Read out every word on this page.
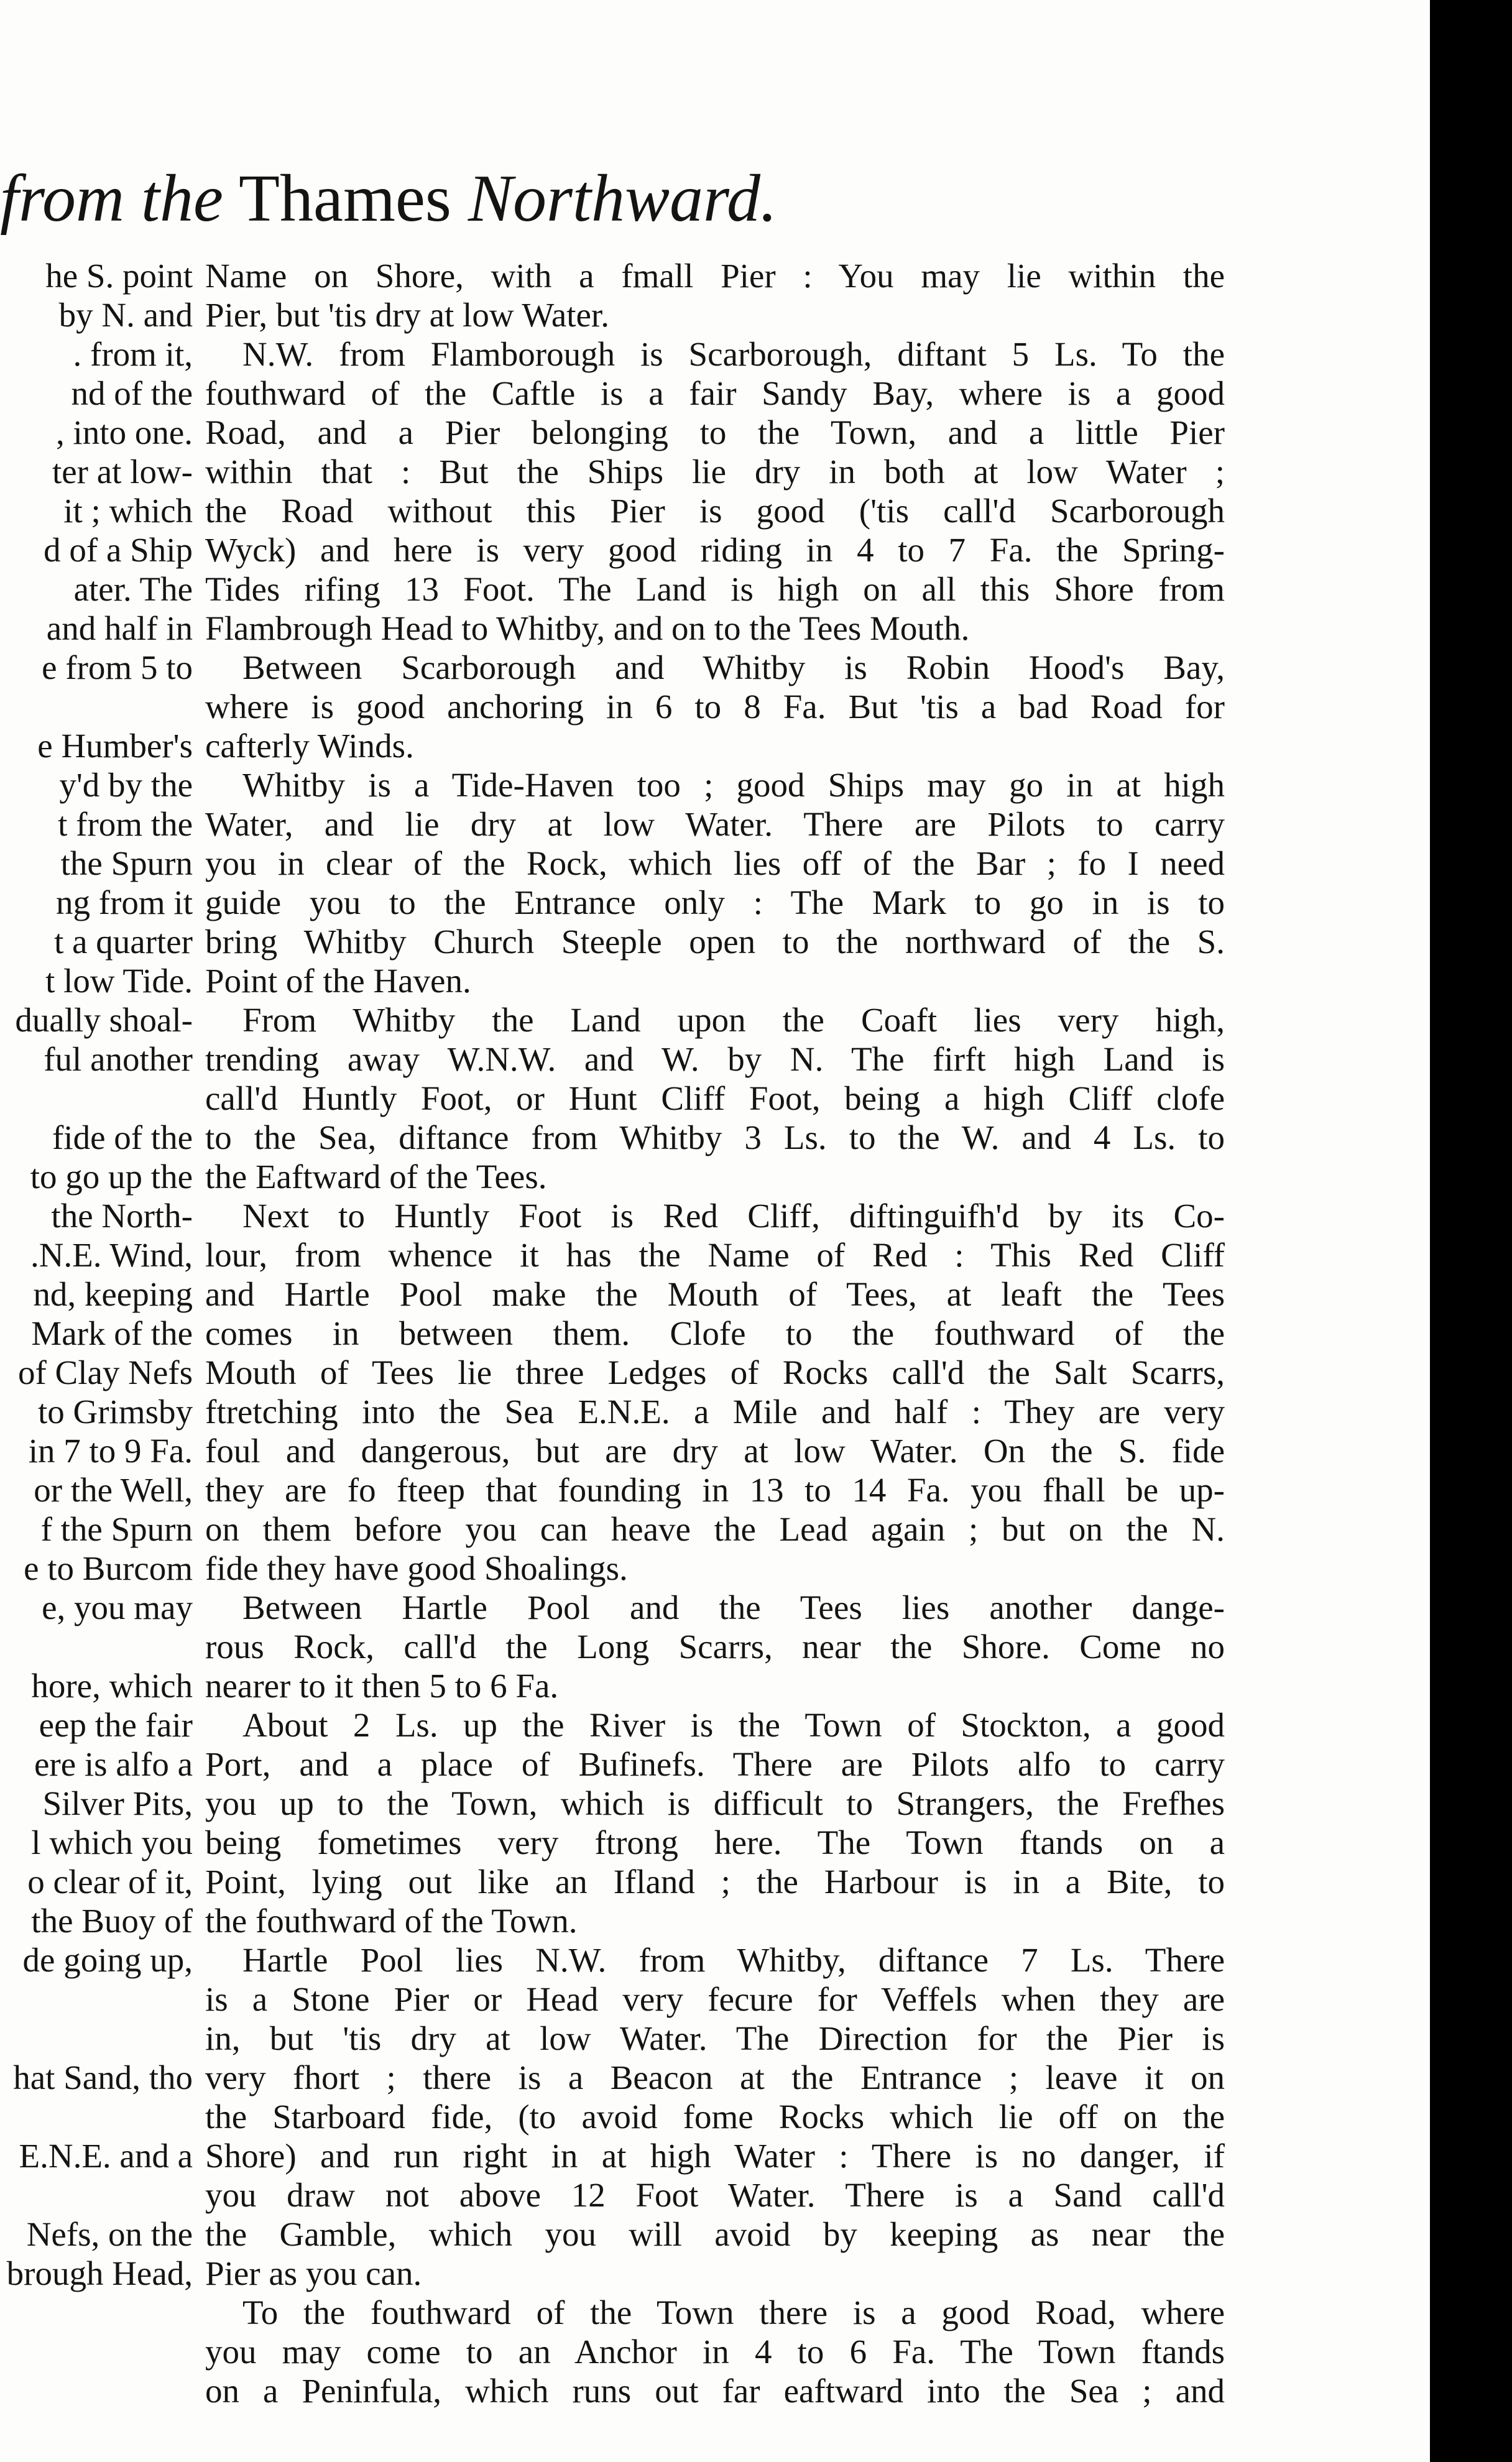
from the Thames Northward.
he S. point
by N. and
. from it,
nd of the
, into one.
ter at low-
it ; which
d of a Ship
ater. The
and half in
e from 5 to
e Humber's
y'd by the
t from the
the Spurn
ng from it
t a quarter
t low Tide.
dually shoal-
ful another
fide of the
to go up the
the North-
.N.E. Wind,
nd, keeping
Mark of the
of Clay Nefs
to Grimsby
in 7 to 9 Fa.
or the Well,
f the Spurn
e to Burcom
e, you may
hore, which
eep the fair
ere is alfo a
Silver Pits,
l which you
o clear of it,
the Buoy of
de going up,
hat Sand, tho
E.N.E. and a
Nefs, on the
brough Head,
Name on Shore, with a fmall Pier : You may lie within the
Pier, but 'tis dry at low Water.
N.W. from Flamborough is Scarborough, diftant 5 Ls. To the
fouthward of the Caftle is a fair Sandy Bay, where is a good
Road, and a Pier belonging to the Town, and a little Pier
within that : But the Ships lie dry in both at low Water ;
the Road without this Pier is good ('tis call'd Scarborough
Wyck) and here is very good riding in 4 to 7 Fa. the Spring-
Tides rifing 13 Foot. The Land is high on all this Shore from
Flambrough Head to Whitby, and on to the Tees Mouth.
Between Scarborough and Whitby is Robin Hood's Bay,
where is good anchoring in 6 to 8 Fa. But 'tis a bad Road for
cafterly Winds.
Whitby is a Tide-Haven too ; good Ships may go in at high
Water, and lie dry at low Water. There are Pilots to carry
you in clear of the Rock, which lies off of the Bar ; fo I need
guide you to the Entrance only : The Mark to go in is to
bring Whitby Church Steeple open to the northward of the S.
Point of the Haven.
From Whitby the Land upon the Coaft lies very high,
trending away W.N.W. and W. by N. The firft high Land is
call'd Huntly Foot, or Hunt Cliff Foot, being a high Cliff clofe
to the Sea, diftance from Whitby 3 Ls. to the W. and 4 Ls. to
the Eaftward of the Tees.
Next to Huntly Foot is Red Cliff, diftinguifh'd by its Co-
lour, from whence it has the Name of Red : This Red Cliff
and Hartle Pool make the Mouth of Tees, at leaft the Tees
comes in between them. Clofe to the fouthward of the
Mouth of Tees lie three Ledges of Rocks call'd the Salt Scarrs,
ftretching into the Sea E.N.E. a Mile and half : They are very
foul and dangerous, but are dry at low Water. On the S. fide
they are fo fteep that founding in 13 to 14 Fa. you fhall be up-
on them before you can heave the Lead again ; but on the N.
fide they have good Shoalings.
Between Hartle Pool and the Tees lies another dange-
rous Rock, call'd the Long Scarrs, near the Shore. Come no
nearer to it then 5 to 6 Fa.
About 2 Ls. up the River is the Town of Stockton, a good
Port, and a place of Bufinefs. There are Pilots alfo to carry
you up to the Town, which is difficult to Strangers, the Frefhes
being fometimes very ftrong here. The Town ftands on a
Point, lying out like an Ifland ; the Harbour is in a Bite, to
the fouthward of the Town.
Hartle Pool lies N.W. from Whitby, diftance 7 Ls. There
is a Stone Pier or Head very fecure for Veffels when they are
in, but 'tis dry at low Water. The Direction for the Pier is
very fhort ; there is a Beacon at the Entrance ; leave it on
the Starboard fide, (to avoid fome Rocks which lie off on the
Shore) and run right in at high Water : There is no danger, if
you draw not above 12 Foot Water. There is a Sand call'd
the Gamble, which you will avoid by keeping as near the
Pier as you can.
To the fouthward of the Town there is a good Road, where
you may come to an Anchor in 4 to 6 Fa. The Town ftands
on a Peninfula, which runs out far eaftward into the Sea ; and
